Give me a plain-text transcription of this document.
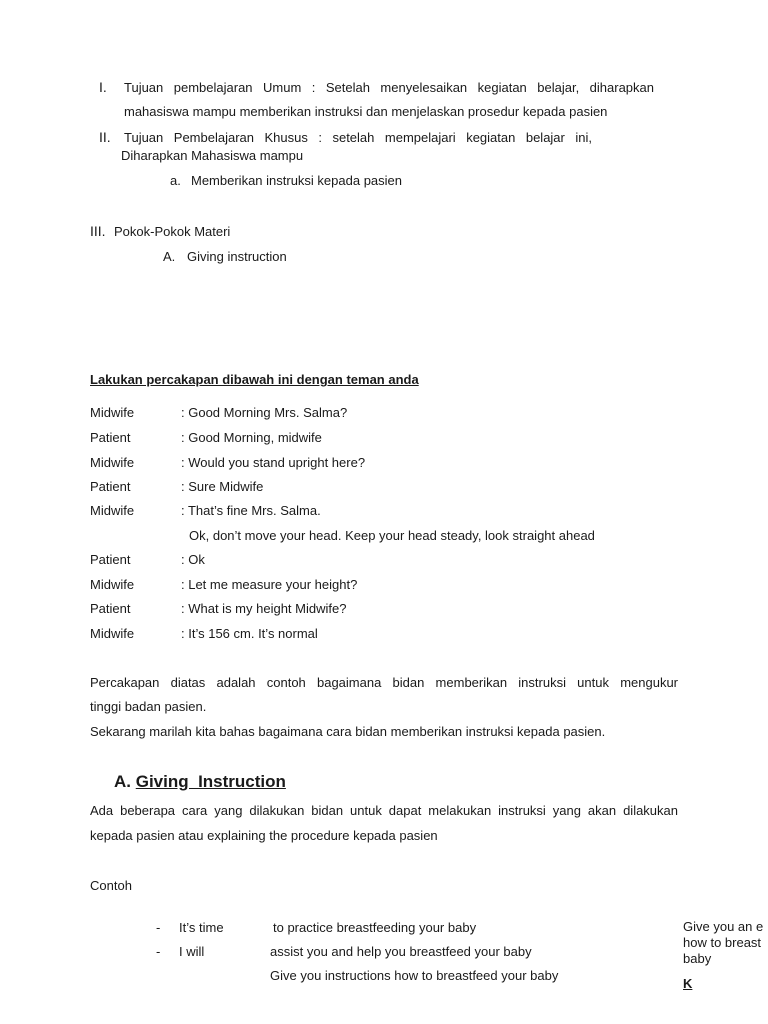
I. Tujuan pembelajaran Umum : Setelah menyelesaikan kegiatan belajar, diharapkan
mahasiswa mampu memberikan instruksi dan menjelaskan prosedur kepada pasien
II. Tujuan Pembelajaran Khusus : setelah mempelajari kegiatan belajar ini,
Diharapkan Mahasiswa mampu
a. Memberikan instruksi kepada pasien
III. Pokok-Pokok Materi
A. Giving instruction
Lakukan percakapan dibawah ini dengan teman anda
Midwife	: Good Morning Mrs. Salma?
Patient	: Good Morning, midwife
Midwife	: Would you stand upright here?
Patient	: Sure Midwife
Midwife	: That’s fine Mrs. Salma.
Ok, don’t move your head. Keep your head steady, look straight ahead
Patient	: Ok
Midwife	: Let me measure your height?
Patient	: What is my height Midwife?
Midwife	: It’s 156 cm. It’s normal
Percakapan diatas adalah contoh bagaimana bidan memberikan instruksi untuk mengukur
tinggi badan pasien.
Sekarang marilah kita bahas bagaimana cara bidan memberikan instruksi kepada pasien.
A. Giving  Instruction
Ada beberapa cara yang dilakukan bidan untuk dapat melakukan instruksi yang akan dilakukan
kepada pasien atau explaining the procedure kepada pasien
Contoh
- It’s time	to practice breastfeeding your baby
- I will	assist you and help you breastfeed your baby
Give you instructions how to breastfeed your baby
Give you an e
how to breast
baby
K
